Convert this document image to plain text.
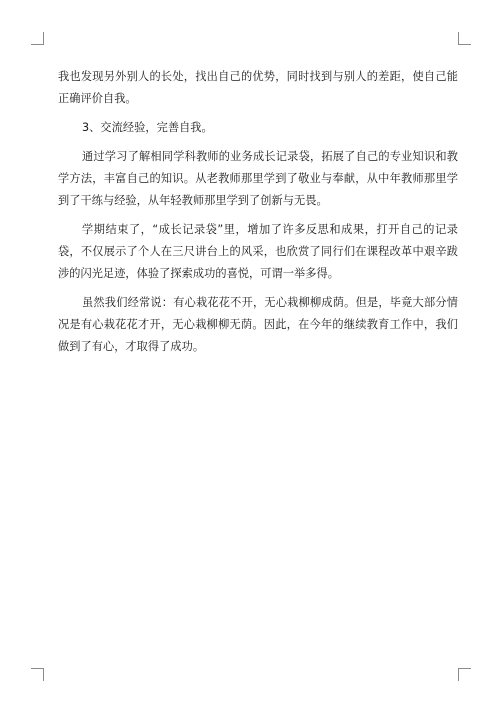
我也发现另外别人的长处，找出自己的优势，同时找到与别人的差距，使自己能正确评价自我。

3、交流经验，完善自我。

通过学习了解相同学科教师的业务成长记录袋，拓展了自己的专业知识和教学方法，丰富自己的知识。从老教师那里学到了敬业与奉献，从中年教师那里学到了干练与经验，从年轻教师那里学到了创新与无畏。

学期结束了，“成长记录袋”里，增加了许多反思和成果，打开自己的记录袋，不仅展示了个人在三尺讲台上的风采，也欣赏了同行们在课程改革中艰辛跋涉的闪光足迹，体验了探索成功的喜悦，可谓一举多得。

虽然我们经常说：有心栽花花不开，无心栽柳柳成荫。但是，毕竟大部分情况是有心栽花花才开，无心栽柳柳无荫。因此，在今年的继续教育工作中，我们做到了有心，才取得了成功。
